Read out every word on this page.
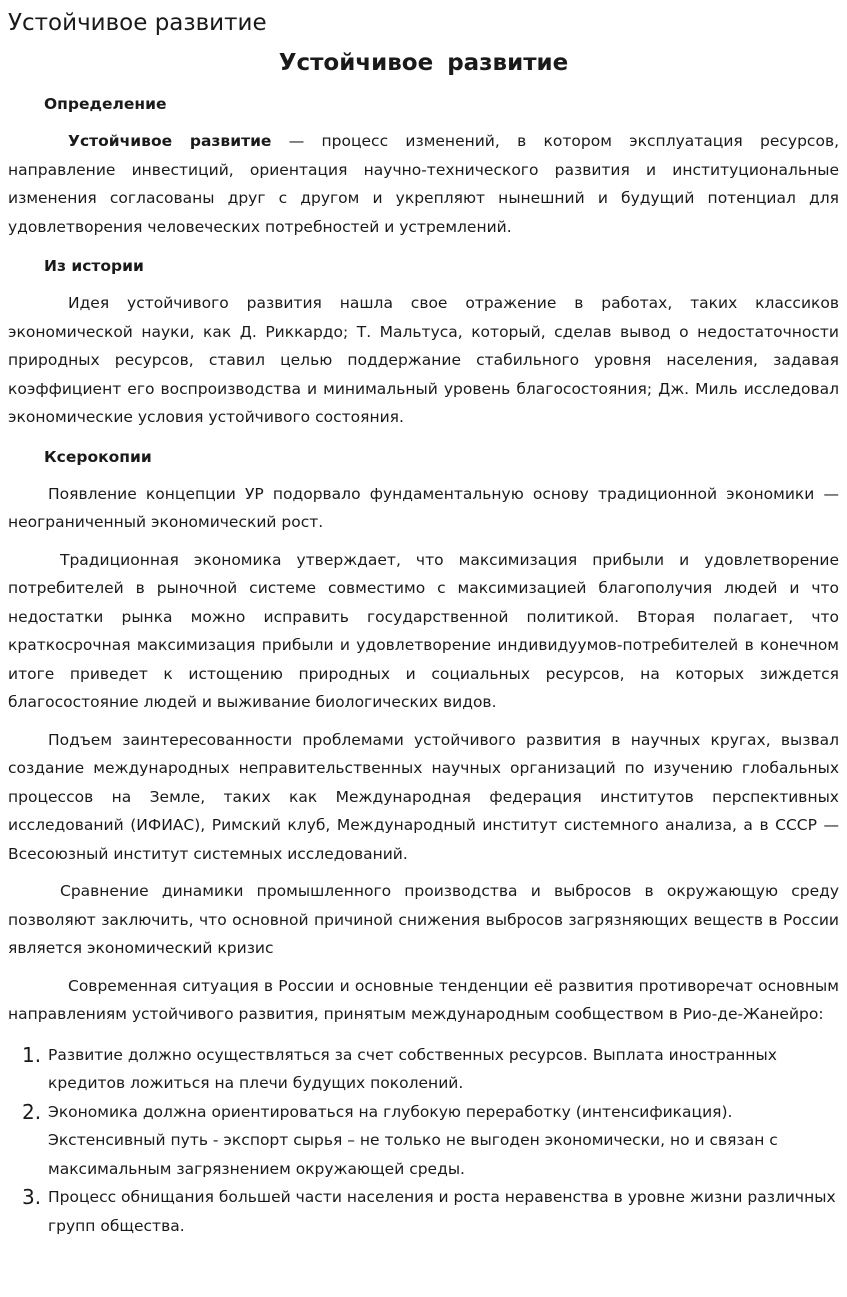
Устойчивое развитие
Устойчивое развитие
Определение

Устойчивое развитие — процесс изменений, в котором эксплуатация ресурсов, направление инвестиций, ориентация научно-технического развития и институциональные изменения согласованы друг с другом и укрепляют нынешний и будущий потенциал для удовлетворения человеческих потребностей и устремлений.

Из истории

Идея устойчивого развития нашла свое отражение в работах, таких классиков экономической науки, как Д. Риккардо; Т. Мальтуса, который, сделав вывод о недостаточности природных ресурсов, ставил целью поддержание стабильного уровня населения, задавая коэффициент его воспроизводства и минимальный уровень благосостояния; Дж. Миль исследовал экономические условия устойчивого состояния.

Ксерокопии

Появление концепции УР подорвало фундаментальную основу традиционной экономики — неограниченный экономический рост.

Традиционная экономика утверждает, что максимизация прибыли и удовлетворение потребителей в рыночной системе совместимо с максимизацией благополучия людей и что недостатки рынка можно исправить государственной политикой. Вторая полагает, что краткосрочная максимизация прибыли и удовлетворение индивидуумов-потребителей в конечном итоге приведет к истощению природных и социальных ресурсов, на которых зиждется благосостояние людей и выживание биологических видов.

Подъем заинтересованности проблемами устойчивого развития в научных кругах, вызвал создание международных неправительственных научных организаций по изучению глобальных процессов на Земле, таких как Международная федерация институтов перспективных исследований (ИФИАС), Римский клуб, Международный институт системного анализа, а в СССР — Всесоюзный институт системных исследований.

Сравнение динамики промышленного производства и выбросов в окружающую среду позволяют заключить, что основной причиной снижения выбросов загрязняющих веществ в России является экономический кризис

Современная ситуация в России и основные тенденции её развития противоречат основным направлениям устойчивого развития, принятым международным сообществом в Рио-де-Жанейро:

1. Развитие должно осуществляться за счет собственных ресурсов. Выплата иностранных кредитов ложиться на плечи будущих поколений.
2. Экономика должна ориентироваться на глубокую переработку (интенсификация). Экстенсивный путь - экспорт сырья – не только не выгоден экономически, но и связан с максимальным загрязнением окружающей среды.
3. Процесс обнищания большей части населения и роста неравенства в уровне жизни различных групп общества.
